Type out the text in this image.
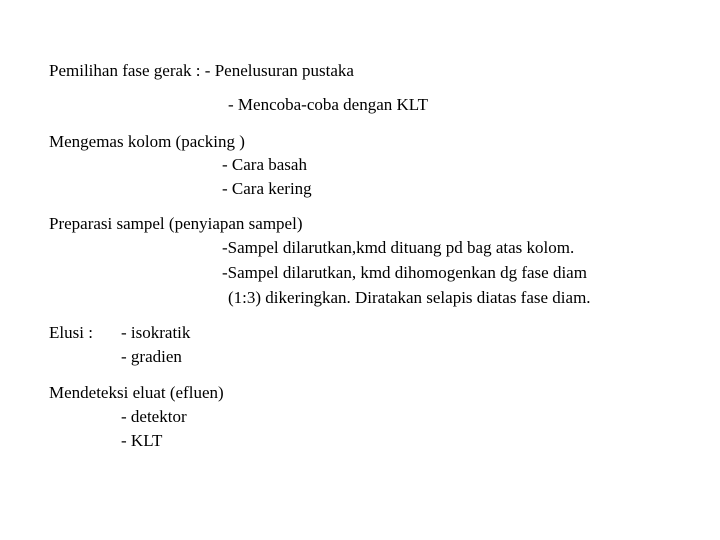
Pemilihan fase gerak : - Penelusuran pustaka
- Mencoba-coba dengan KLT
Mengemas kolom (packing )
- Cara basah
- Cara kering
Preparasi sampel (penyiapan sampel)
-Sampel dilarutkan,kmd dituang pd bag atas kolom.
-Sampel dilarutkan, kmd dihomogenkan dg fase diam
(1:3) dikeringkan. Diratakan selapis diatas fase diam.
Elusi : - isokratik
- gradien
Mendeteksi eluat (efluen)
- detektor
- KLT
